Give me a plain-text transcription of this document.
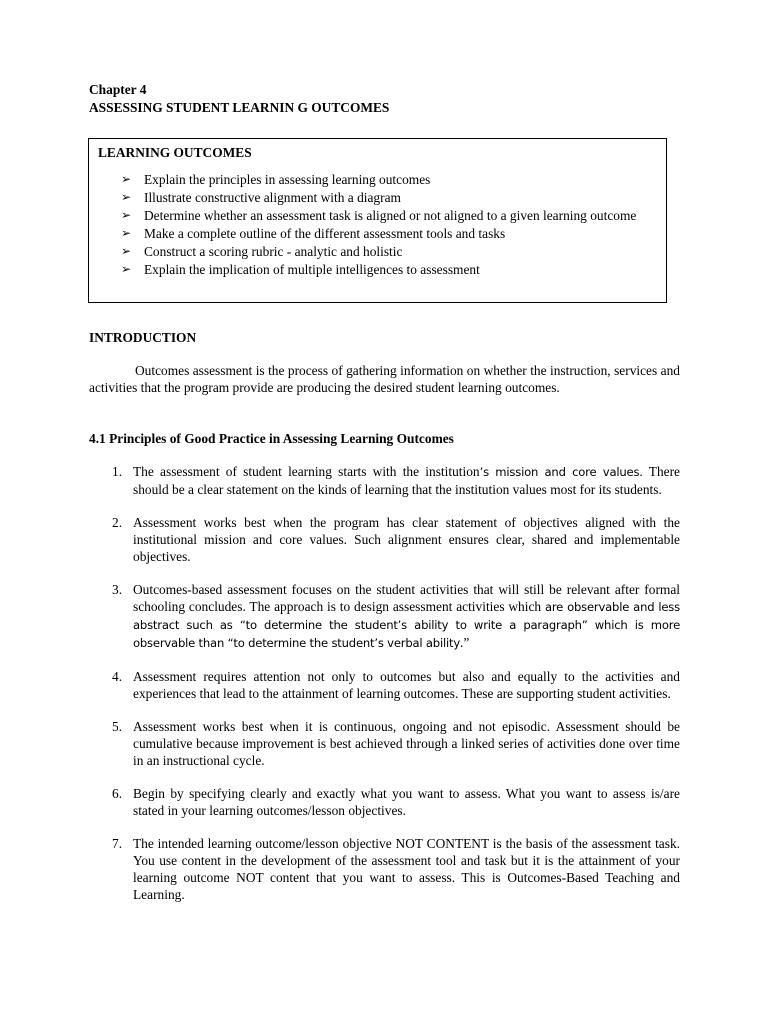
Chapter 4
ASSESSING STUDENT LEARNIN G OUTCOMES
LEARNING OUTCOMES
➢ Explain the principles in assessing learning outcomes
➢ Illustrate constructive alignment with a diagram
➢ Determine whether an assessment task is aligned or not aligned to a given learning outcome
➢ Make a complete outline of the different assessment tools and tasks
➢ Construct a scoring rubric - analytic and holistic
➢ Explain the implication of multiple intelligences to assessment
INTRODUCTION

Outcomes assessment is the process of gathering information on whether the instruction, services and activities that the program provide are producing the desired student learning outcomes.

4.1 Principles of Good Practice in Assessing Learning Outcomes
1. The assessment of student learning starts with the institution’s mission and core values. There should be a clear statement on the kinds of learning that the institution values most for its students.
2. Assessment works best when the program has clear statement of objectives aligned with the institutional mission and core values. Such alignment ensures clear, shared and implementable objectives.
3. Outcomes-based assessment focuses on the student activities that will still be relevant after formal schooling concludes. The approach is to design assessment activities which are observable and less abstract such as “to determine the student’s ability to write a paragraph” which is more observable than “to determine the student’s verbal ability.”
4. Assessment requires attention not only to outcomes but also and equally to the activities and experiences that lead to the attainment of learning outcomes. These are supporting student activities.
5. Assessment works best when it is continuous, ongoing and not episodic. Assessment should be cumulative because improvement is best achieved through a linked series of activities done over time in an instructional cycle.
6. Begin by specifying clearly and exactly what you want to assess. What you want to assess is/are stated in your learning outcomes/lesson objectives.
7. The intended learning outcome/lesson objective NOT CONTENT is the basis of the assessment task. You use content in the development of the assessment tool and task but it is the attainment of your learning outcome NOT content that you want to assess. This is Outcomes-Based Teaching and Learning.
